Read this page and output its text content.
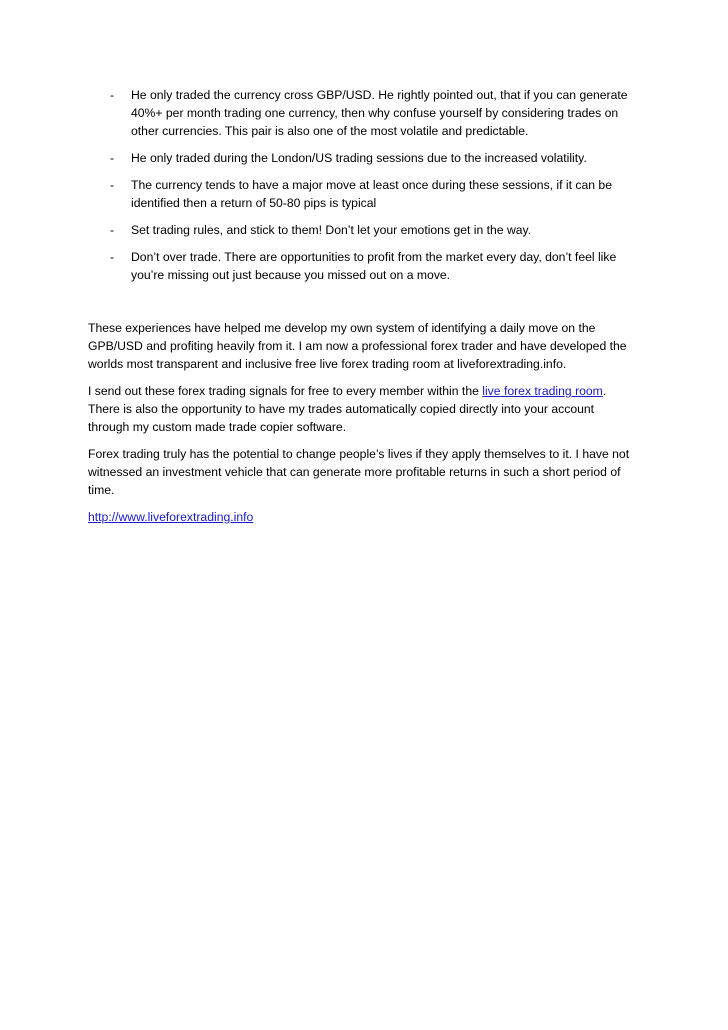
- He only traded the currency cross GBP/USD. He rightly pointed out, that if you can generate 40%+ per month trading one currency, then why confuse yourself by considering trades on other currencies. This pair is also one of the most volatile and predictable.
- He only traded during the London/US trading sessions due to the increased volatility.
- The currency tends to have a major move at least once during these sessions, if it can be identified then a return of 50-80 pips is typical
- Set trading rules, and stick to them! Don’t let your emotions get in the way.
- Don’t over trade. There are opportunities to profit from the market every day, don’t feel like you’re missing out just because you missed out on a move.

These experiences have helped me develop my own system of identifying a daily move on the GPB/USD and profiting heavily from it. I am now a professional forex trader and have developed the worlds most transparent and inclusive free live forex trading room at liveforextrading.info.

I send out these forex trading signals for free to every member within the live forex trading room. There is also the opportunity to have my trades automatically copied directly into your account through my custom made trade copier software.

Forex trading truly has the potential to change people’s lives if they apply themselves to it. I have not witnessed an investment vehicle that can generate more profitable returns in such a short period of time.

http://www.liveforextrading.info
